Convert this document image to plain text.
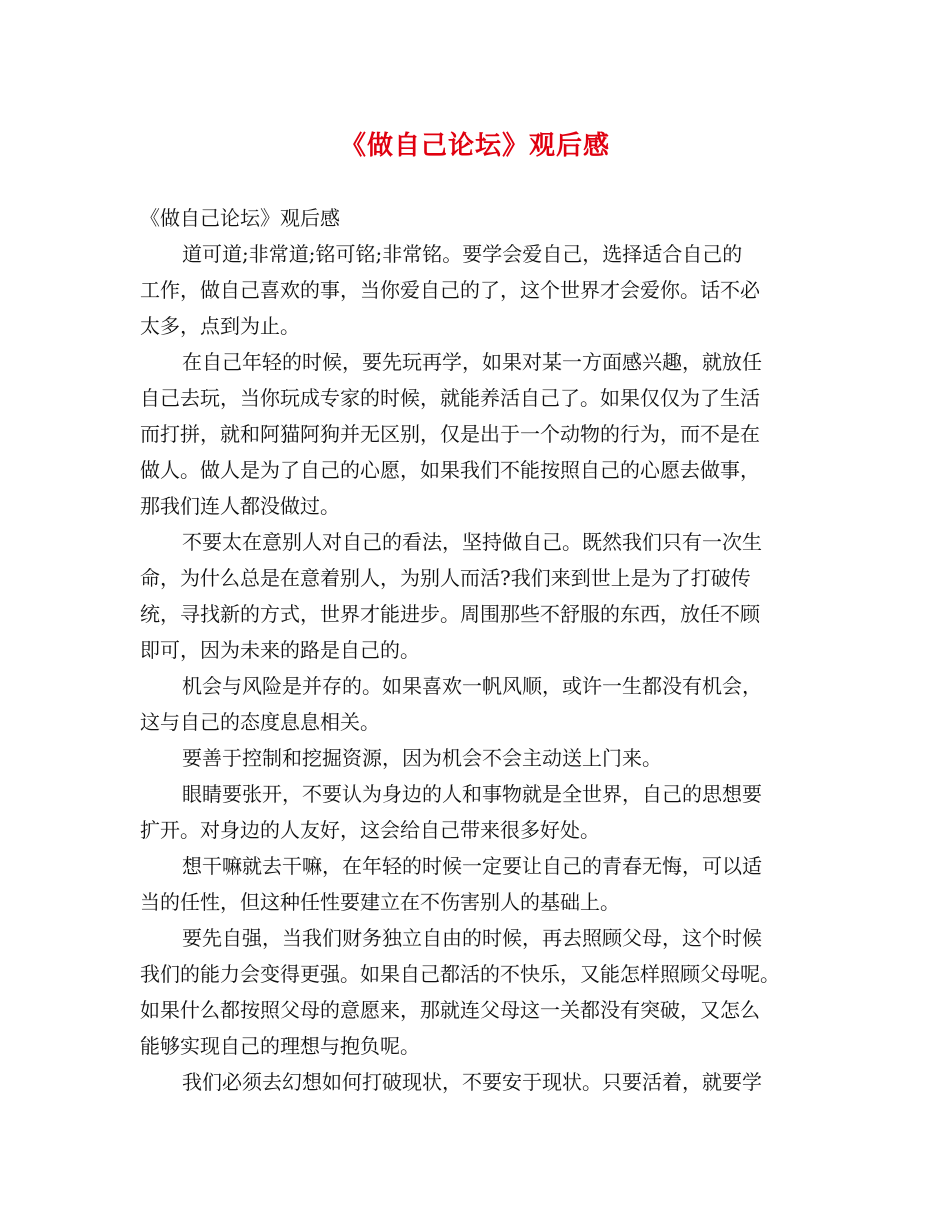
《做自己论坛》观后感
《做自己论坛》观后感
道可道;非常道;铭可铭;非常铭。要学会爱自己，选择适合自己的
工作，做自己喜欢的事，当你爱自己的了，这个世界才会爱你。话不必
太多，点到为止。
在自己年轻的时候，要先玩再学，如果对某一方面感兴趣，就放任
自己去玩，当你玩成专家的时候，就能养活自己了。如果仅仅为了生活
而打拼，就和阿猫阿狗并无区别，仅是出于一个动物的行为，而不是在
做人。做人是为了自己的心愿，如果我们不能按照自己的心愿去做事，
那我们连人都没做过。
不要太在意别人对自己的看法，坚持做自己。既然我们只有一次生
命，为什么总是在意着别人，为别人而活?我们来到世上是为了打破传
统，寻找新的方式，世界才能进步。周围那些不舒服的东西，放任不顾
即可，因为未来的路是自己的。
机会与风险是并存的。如果喜欢一帆风顺，或许一生都没有机会，
这与自己的态度息息相关。
要善于控制和挖掘资源，因为机会不会主动送上门来。
眼睛要张开，不要认为身边的人和事物就是全世界，自己的思想要
扩开。对身边的人友好，这会给自己带来很多好处。
想干嘛就去干嘛，在年轻的时候一定要让自己的青春无悔，可以适
当的任性，但这种任性要建立在不伤害别人的基础上。
要先自强，当我们财务独立自由的时候，再去照顾父母，这个时候
我们的能力会变得更强。如果自己都活的不快乐，又能怎样照顾父母呢。
如果什么都按照父母的意愿来，那就连父母这一关都没有突破，又怎么
能够实现自己的理想与抱负呢。
我们必须去幻想如何打破现状，不要安于现状。只要活着，就要学
